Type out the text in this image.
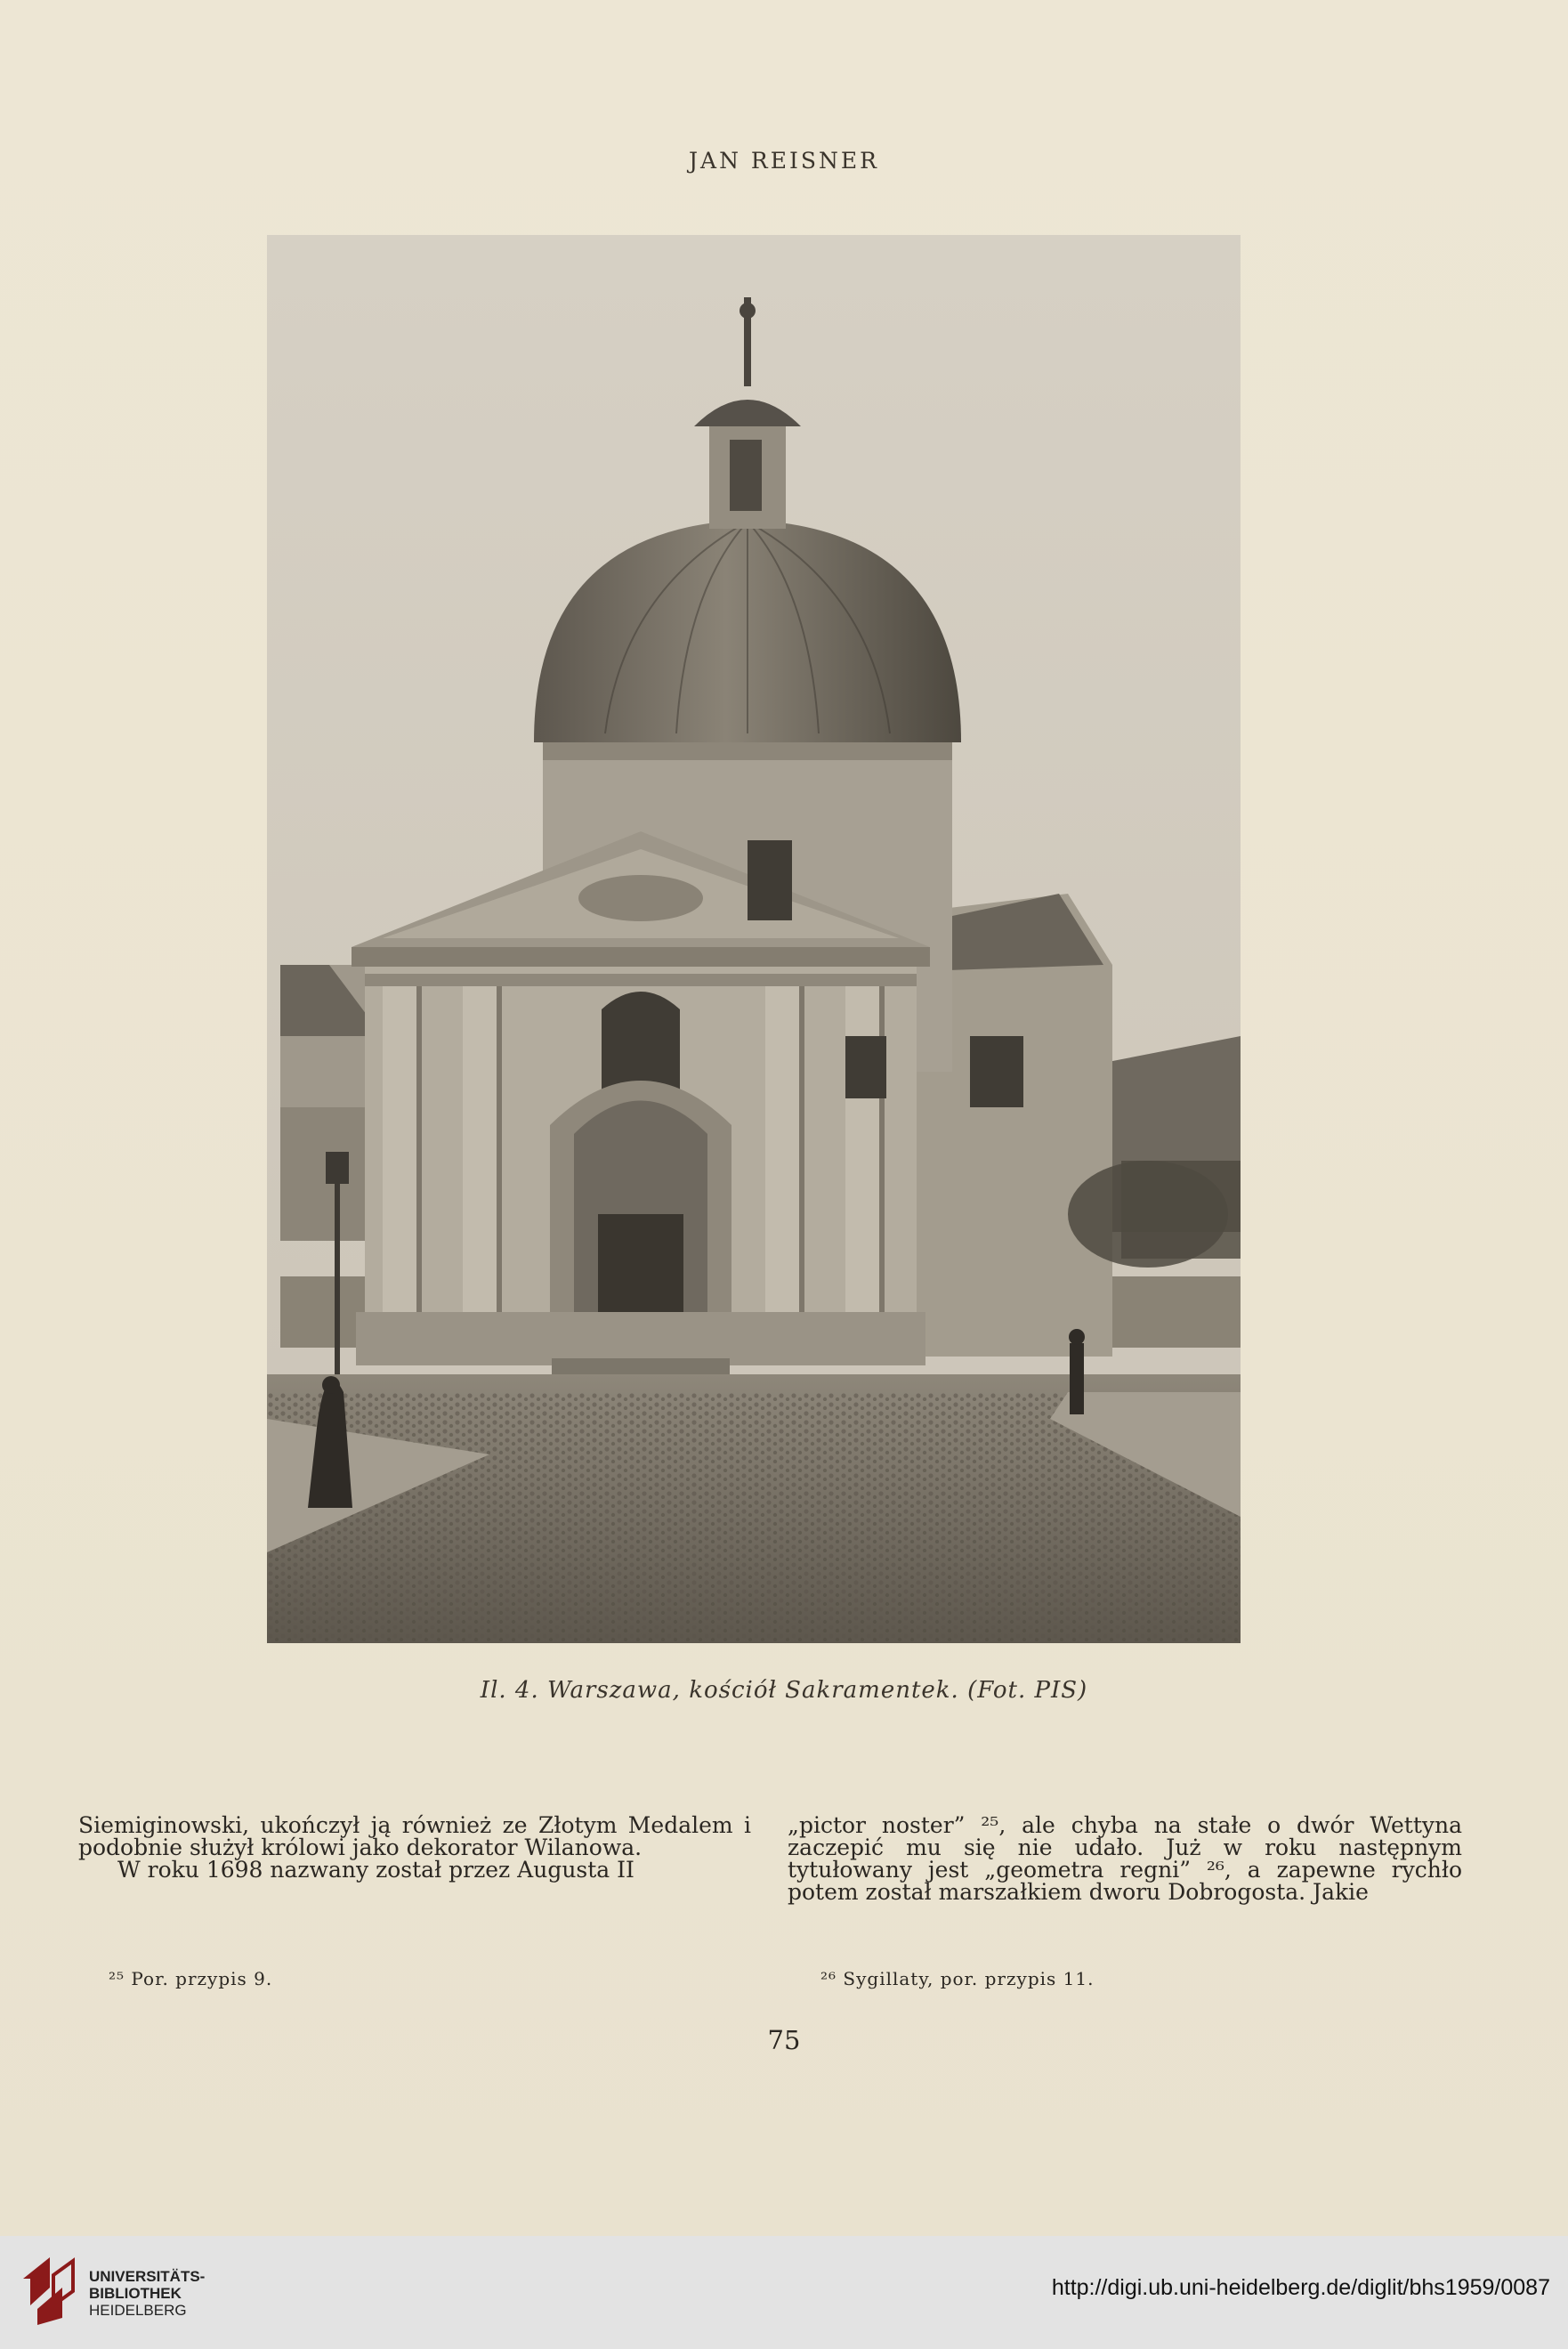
JAN REISNER
Il. 4. Warszawa, kościół Sakramentek. (Fot. PIS)

Siemiginowski, ukończył ją również ze Złotym Medalem i podobnie służył królowi jako dekorator Wilanowa.

W roku 1698 nazwany został przez Augusta II

„pictor noster” ²⁵, ale chyba na stałe o dwór Wettyna zaczepić mu się nie udało. Już w roku następnym tytułowany jest „geometra regni” ²⁶, a zapewne rychło potem został marszałkiem dworu Dobrogosta. Jakie

²⁵ Por. przypis 9.	²⁶ Sygillaty, por. przypis 11.
75
UNIVERSITÄTS-
BIBLIOTHEK
HEIDELBERG
http://digi.ub.uni-heidelberg.de/diglit/bhs1959/0087
